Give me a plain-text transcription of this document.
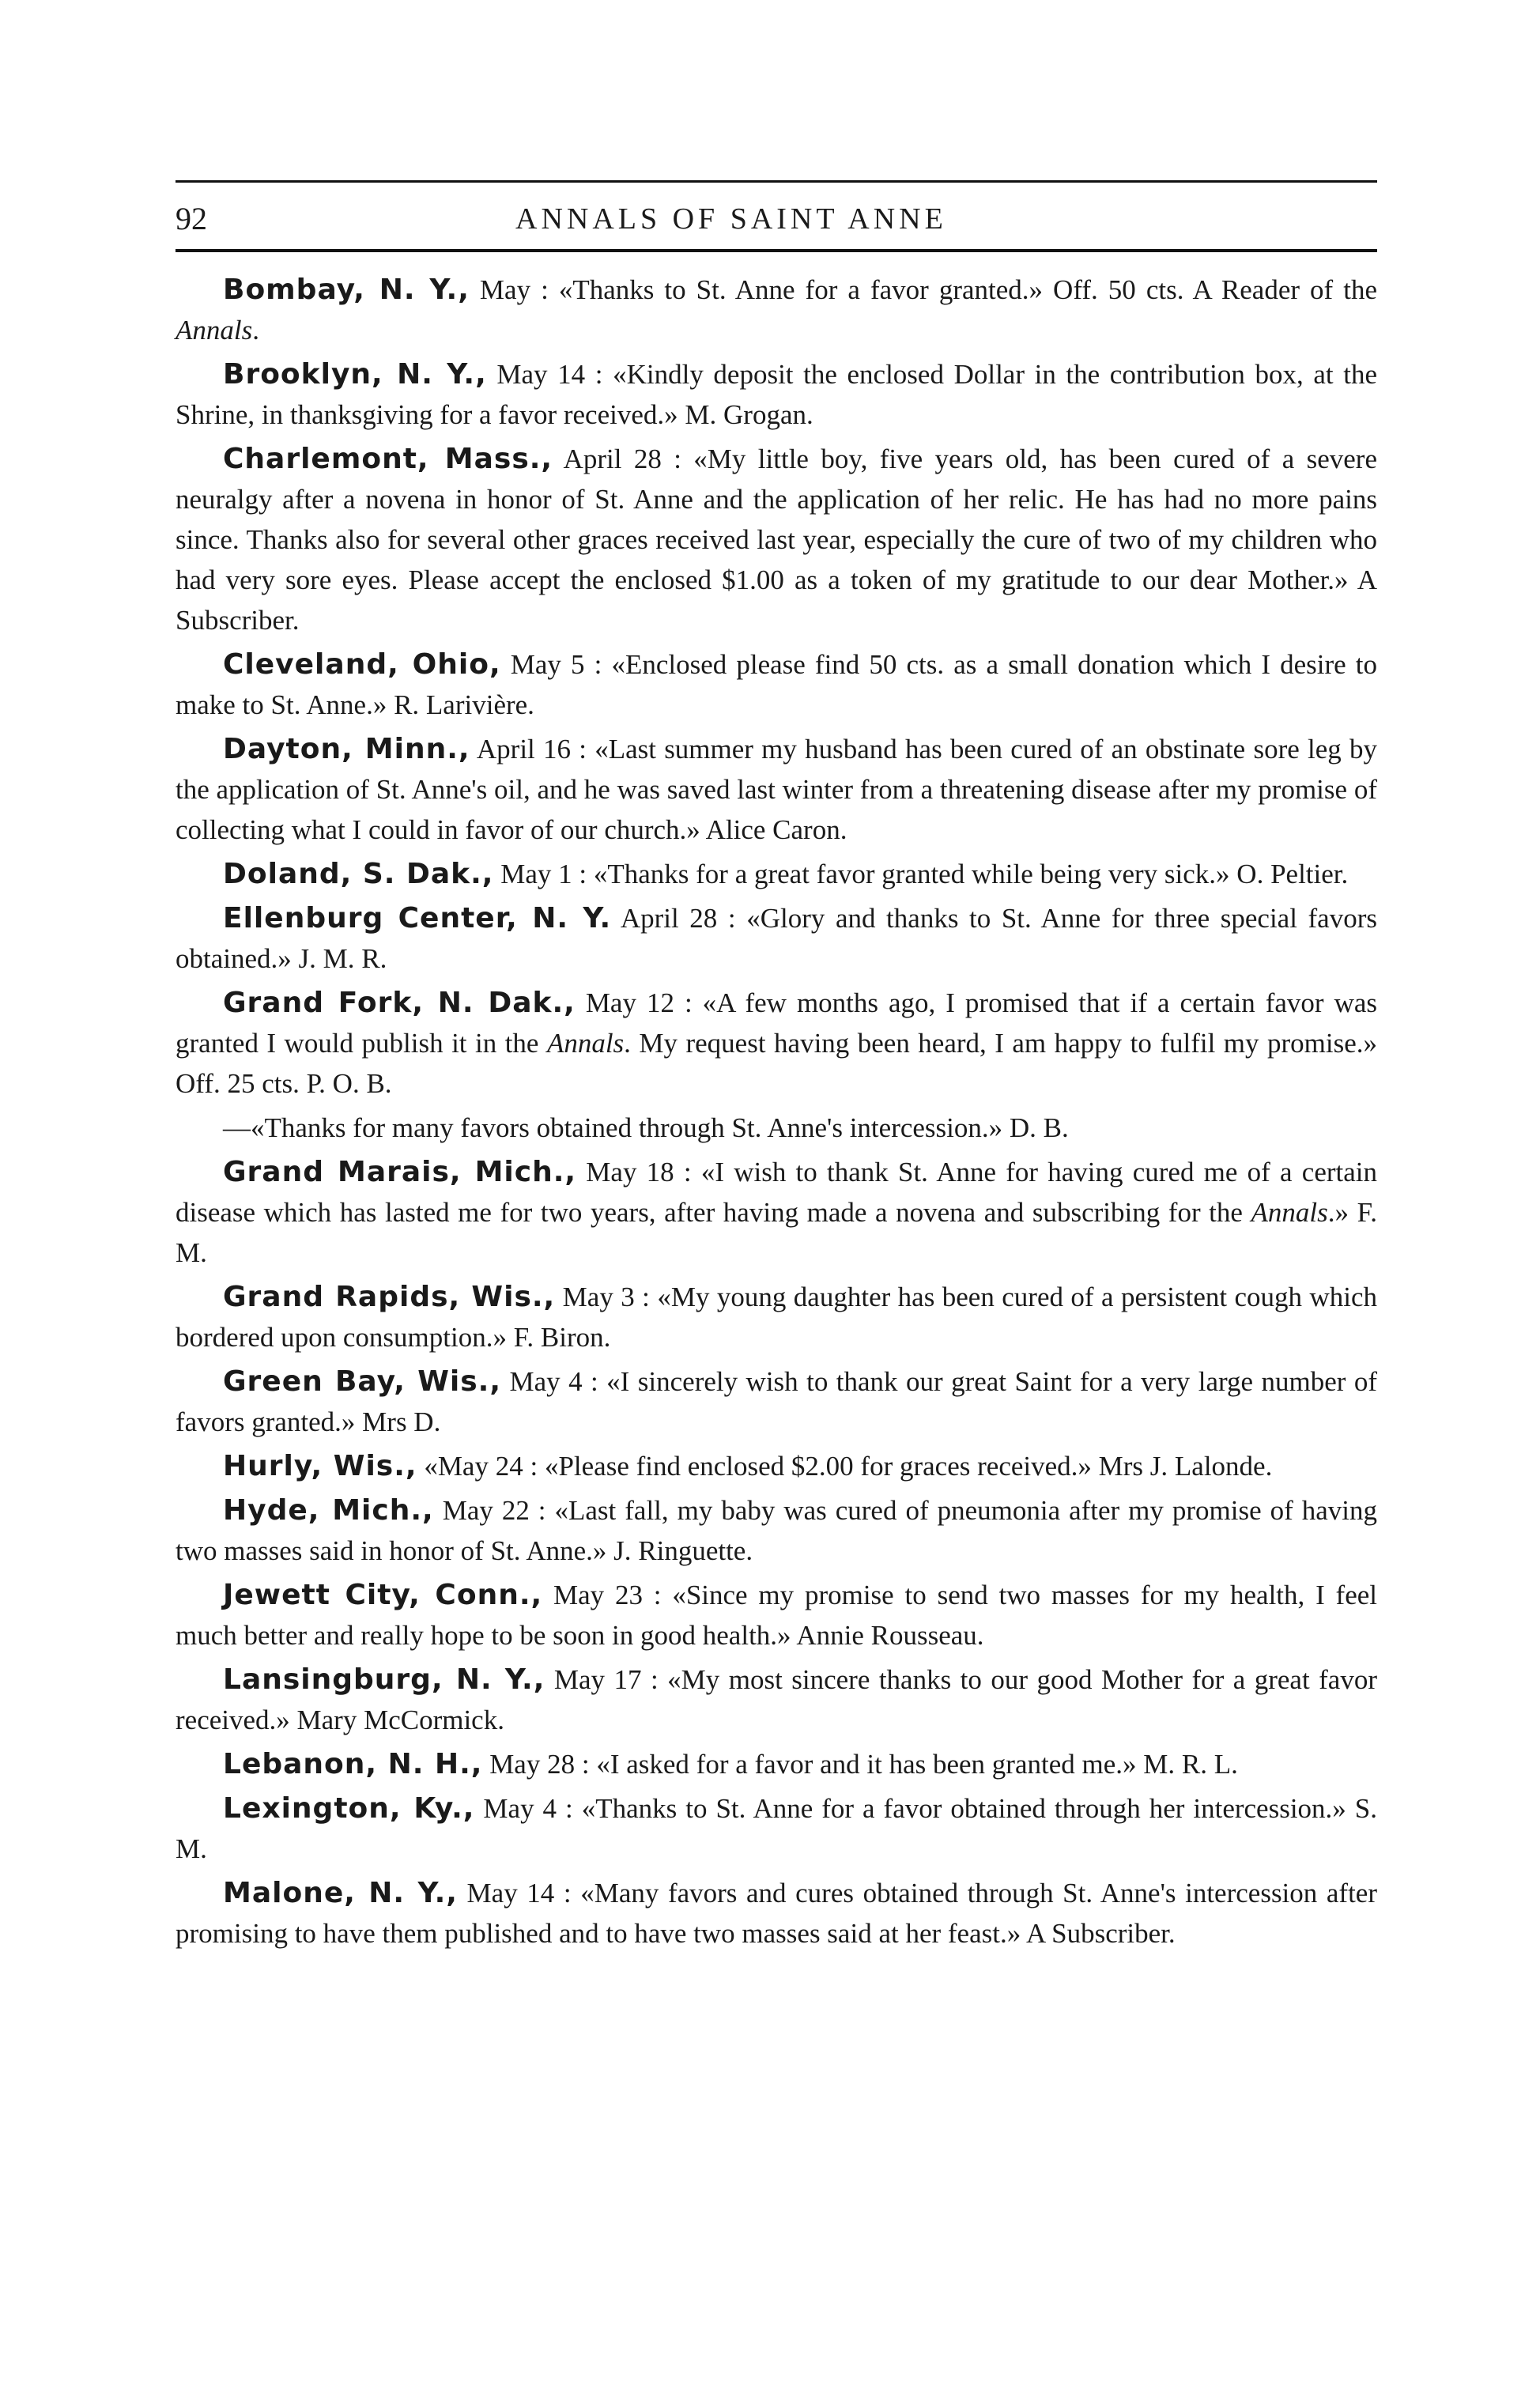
92	ANNALS OF SAINT ANNE

Bombay, N. Y., May : «Thanks to St. Anne for a favor granted.» Off. 50 cts. A Reader of the Annals.

Brooklyn, N. Y., May 14 : «Kindly deposit the enclosed Dollar in the contribution box, at the Shrine, in thanksgiving for a favor received.» M. Grogan.

Charlemont, Mass., April 28 : «My little boy, five years old, has been cured of a severe neuralgy after a novena in honor of St. Anne and the application of her relic. He has had no more pains since. Thanks also for several other graces received last year, especially the cure of two of my children who had very sore eyes. Please accept the enclosed $1.00 as a token of my gratitude to our dear Mother.» A Subscriber.

Cleveland, Ohio, May 5 : «Enclosed please find 50 cts. as a small donation which I desire to make to St. Anne.» R. Larivière.

Dayton, Minn., April 16 : «Last summer my husband has been cured of an obstinate sore leg by the application of St. Anne's oil, and he was saved last winter from a threatening disease after my promise of collecting what I could in favor of our church.» Alice Caron.

Doland, S. Dak., May 1 : «Thanks for a great favor granted while being very sick.» O. Peltier.

Ellenburg Center, N. Y. April 28 : «Glory and thanks to St. Anne for three special favors obtained.» J. M. R.

Grand Fork, N. Dak., May 12 : «A few months ago, I promised that if a certain favor was granted I would publish it in the Annals. My request having been heard, I am happy to fulfil my promise.» Off. 25 cts. P. O. B.

—«Thanks for many favors obtained through St. Anne's intercession.» D. B.

Grand Marais, Mich., May 18 : «I wish to thank St. Anne for having cured me of a certain disease which has lasted me for two years, after having made a novena and subscribing for the Annals.» F. M.

Grand Rapids, Wis., May 3 : «My young daughter has been cured of a persistent cough which bordered upon consumption.» F. Biron.

Green Bay, Wis., May 4 : «I sincerely wish to thank our great Saint for a very large number of favors granted.» Mrs D.

Hurly, Wis., «May 24 : «Please find enclosed $2.00 for graces received.» Mrs J. Lalonde.

Hyde, Mich., May 22 : «Last fall, my baby was cured of pneumonia after my promise of having two masses said in honor of St. Anne.» J. Ringuette.

Jewett City, Conn., May 23 : «Since my promise to send two masses for my health, I feel much better and really hope to be soon in good health.» Annie Rousseau.

Lansingburg, N. Y., May 17 : «My most sincere thanks to our good Mother for a great favor received.» Mary McCormick.

Lebanon, N. H., May 28 : «I asked for a favor and it has been granted me.» M. R. L.

Lexington, Ky., May 4 : «Thanks to St. Anne for a favor obtained through her intercession.» S. M.

Malone, N. Y., May 14 : «Many favors and cures obtained through St. Anne's intercession after promising to have them published and to have two masses said at her feast.» A Subscriber.
